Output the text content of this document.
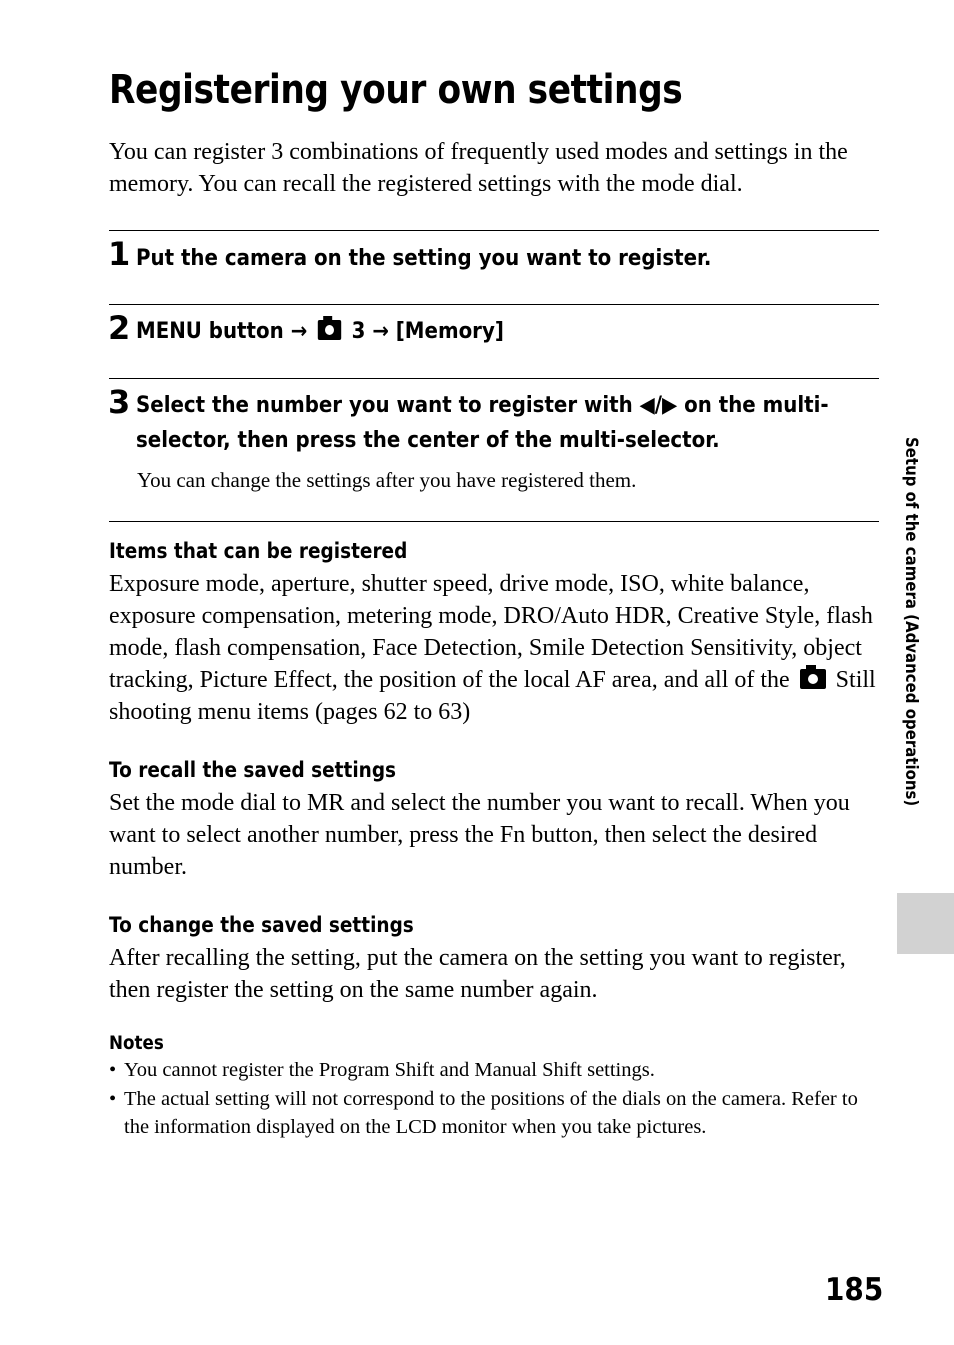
Registering your own settings
You can register 3 combinations of frequently used modes and settings in the memory. You can recall the registered settings with the mode dial.
1 Put the camera on the setting you want to register.
2 MENU button → 3 → [Memory]
3 Select the number you want to register with ◀/▶ on the multi-
selector, then press the center of the multi-selector.
You can change the settings after you have registered them.
Items that can be registered
Exposure mode, aperture, shutter speed, drive mode, ISO, white balance, exposure compensation, metering mode, DRO/Auto HDR, Creative Style, flash mode, flash compensation, Face Detection, Smile Detection Sensitivity, object tracking, Picture Effect, the position of the local AF area, and all of the Still shooting menu items (pages 62 to 63)
To recall the saved settings
Set the mode dial to MR and select the number you want to recall. When you want to select another number, press the Fn button, then select the desired number.
To change the saved settings
After recalling the setting, put the camera on the setting you want to register, then register the setting on the same number again.
Notes
• You cannot register the Program Shift and Manual Shift settings.
• The actual setting will not correspond to the positions of the dials on the camera. Refer to the information displayed on the LCD monitor when you take pictures.
Setup of the camera (Advanced operations)
185
